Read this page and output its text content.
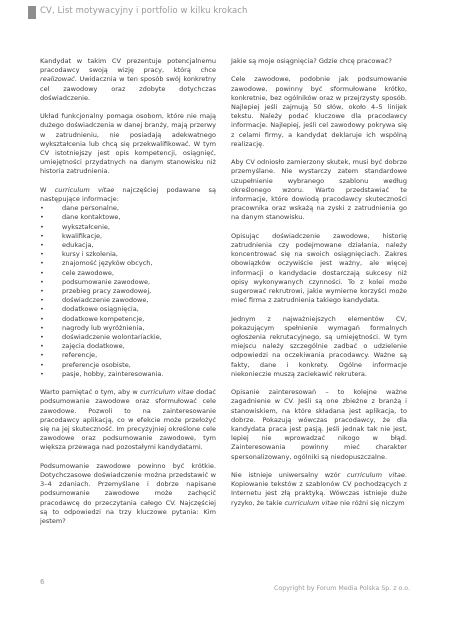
CV, List motywacyjny i portfolio w kilku krokach

Kandydat w takim CV prezentuje potencjalnemu pracodawcy swoją wizję pracy, którą chce realizować. Uwidacznia w ten sposób swój konkretny cel zawodowy oraz zdobyte dotychczas doświadczenie.

Układ funkcjonalny pomaga osobom, które nie mają dużego doświadczenia w danej branży, mają przerwy w zatrudnieniu, nie posiadają adekwatnego wykształcenia lub chcą się przekwalifikować. W tym CV istotniejszy jest opis kompetencji, osiągnięć, umiejętności przydatnych na danym stanowisku niż historia zatrudnienia.

W curriculum vitae najczęściej podawane są następujące informacje:

• dane personalne,
• dane kontaktowe,
• wykształcenie,
• kwalifikacje,
• edukacja,
• kursy i szkolenia,
• znajomość języków obcych,
• cele zawodowe,
• podsumowanie zawodowe,
• przebieg pracy zawodowej,
• doświadczenie zawodowe,
• dodatkowe osiągnięcia,
• dodatkowe kompetencje,
• nagrody lub wyróżnienia,
• doświadczenie wolontariackie,
• zajęcia dodatkowe,
• referencje,
• preferencje osobiste,
• pasje, hobby, zainteresowania.

Warto pamiętać o tym, aby w curriculum vitae dodać podsumowanie zawodowe oraz sformułować cele zawodowe. Pozwoli to na zainteresowanie pracodawcy aplikacją, co w efekcie może przełożyć się na jej skuteczność. Im precyzyjniej określone cele zawodowe oraz podsumowanie zawodowe, tym większa przewaga nad pozostałymi kandydatami.

Podsumowanie zawodowe powinno być krótkie. Dotychczasowe doświadczenie można przedstawić w 3–4 zdaniach. Przemyślane i dobrze napisane podsumowanie zawodowe może zachęcić pracodawcę do przeczytania całego CV. Najczęściej są to odpowiedzi na trzy kluczowe pytania: Kim jestem?

Jakie są moje osiągnięcia? Gdzie chcę pracować?

Cele zawodowe, podobnie jak podsumowanie zawodowe, powinny być sformułowane krótko, konkretnie, bez ogólników oraz w przejrzysty sposób. Najlepiej jeśli zajmują 50 słów, około 4–5 linijek tekstu. Należy podać kluczowe dla pracodawcy informacje. Najlepiej, jeśli cel zawodowy pokrywa się z celami firmy, a kandydat deklaruje ich wspólną realizację.

Aby CV odniosło zamierzony skutek, musi być dobrze przemyślane. Nie wystarczy zatem standardowe uzupełnienie wybranego szablonu według określonego wzoru. Warto przedstawiać te informacje, które dowiodą pracodawcy skuteczności pracownika oraz wskażą na zyski z zatrudnienia go na danym stanowisku.

Opisując doświadczenie zawodowe, historię zatrudnienia czy podejmowane działania, należy koncentrować się na swoich osiągnięciach. Zakres obowiązków oczywiście jest ważny, ale więcej informacji o kandydacie dostarczają sukcesy niż opisy wykonywanych czynności. To z kolei może sugerować rekrutrowi, jakie wymierne korzyści może mieć firma z zatrudnienia takiego kandydata.

Jednym z najważniejszych elementów CV, pokazującym spełnienie wymagań formalnych ogłoszenia rekrutacyjnego, są umiejętności. W tym miejscu należy szczególnie zadbać o udzielenie odpowiedzi na oczekiwania pracodawcy. Ważne są fakty, dane i konkrety. Ogólne informacje niekonieczie muszą zaciekawić rekrutera.

Opisanie zainteresowań – to kolejne ważne zagadnienie w CV. Jeśli są one zbieżne z branżą i stanowiskiem, na które składana jest aplikacja, to dobrze. Pokazują wówczas pracodawcy, że dla kandydata praca jest pasją. Jeśli jednak tak nie jest, lepiej nie wprowadzać nikogo w błąd. Zainteresowania powinny mieć charakter spersonalizowany, ogólniki są niedopuszczalne.

Nie istnieje uniwersalny wzór curriculum vitae. Kopiowanie tekstów z szablonów CV pochodzących z Internetu jest złą praktyką. Wówczas istnieje duże ryzyko, że takie curriculum vitae nie różni się niczym

6
Copyright by Forum Media Polska Sp. z o.o.
